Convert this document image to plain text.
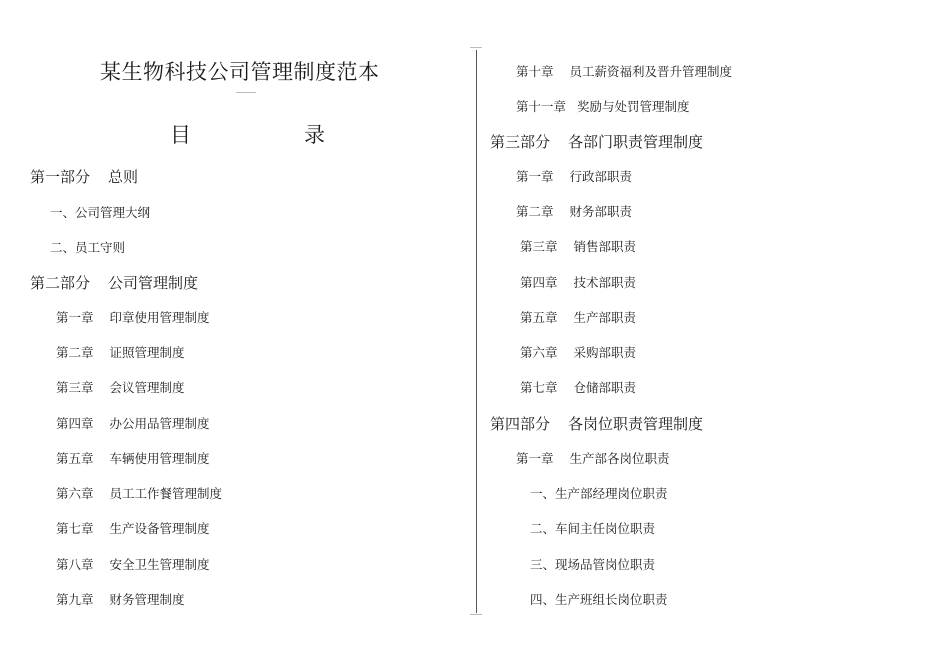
某生物科技公司管理制度范本
目	录
第一部分 总则
一、公司管理大纲
二、员工守则
第二部分 公司管理制度
第一章 印章使用管理制度
第二章 证照管理制度
第三章 会议管理制度
第四章 办公用品管理制度
第五章 车辆使用管理制度
第六章 员工工作餐管理制度
第七章 生产设备管理制度
第八章 安全卫生管理制度
第九章 财务管理制度
第十章 员工薪资福利及晋升管理制度
第十一章 奖励与处罚管理制度
第三部分 各部门职责管理制度
第一章 行政部职责
第二章 财务部职责
第三章 销售部职责
第四章 技术部职责
第五章 生产部职责
第六章 采购部职责
第七章 仓储部职责
第四部分 各岗位职责管理制度
第一章 生产部各岗位职责
一、生产部经理岗位职责
二、车间主任岗位职责
三、现场品管岗位职责
四、生产班组长岗位职责
